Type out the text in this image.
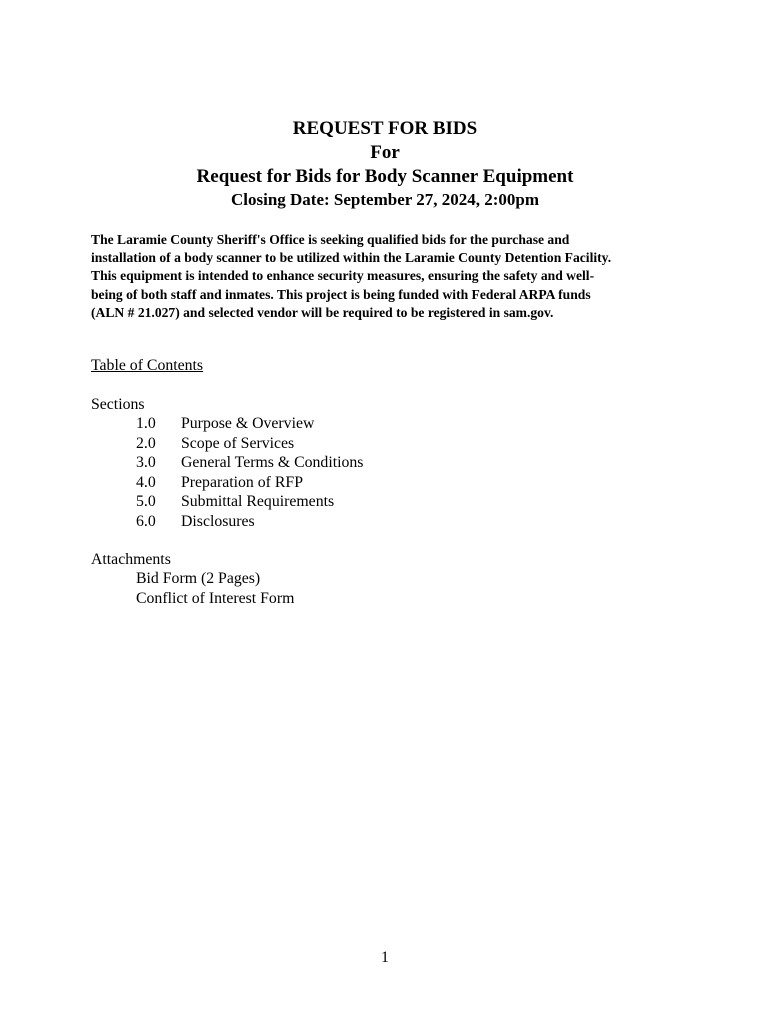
REQUEST FOR BIDS
For
Request for Bids for Body Scanner Equipment
Closing Date: September 27, 2024, 2:00pm
The Laramie County Sheriff's Office is seeking qualified bids for the purchase and
installation of a body scanner to be utilized within the Laramie County Detention Facility.
This equipment is intended to enhance security measures, ensuring the safety and well-
being of both staff and inmates. This project is being funded with Federal ARPA funds
(ALN # 21.027) and selected vendor will be required to be registered in sam.gov.
Table of Contents
Sections
1.0 Purpose & Overview
2.0 Scope of Services
3.0 General Terms & Conditions
4.0 Preparation of RFP
5.0 Submittal Requirements
6.0 Disclosures
Attachments
Bid Form (2 Pages)
Conflict of Interest Form
1
